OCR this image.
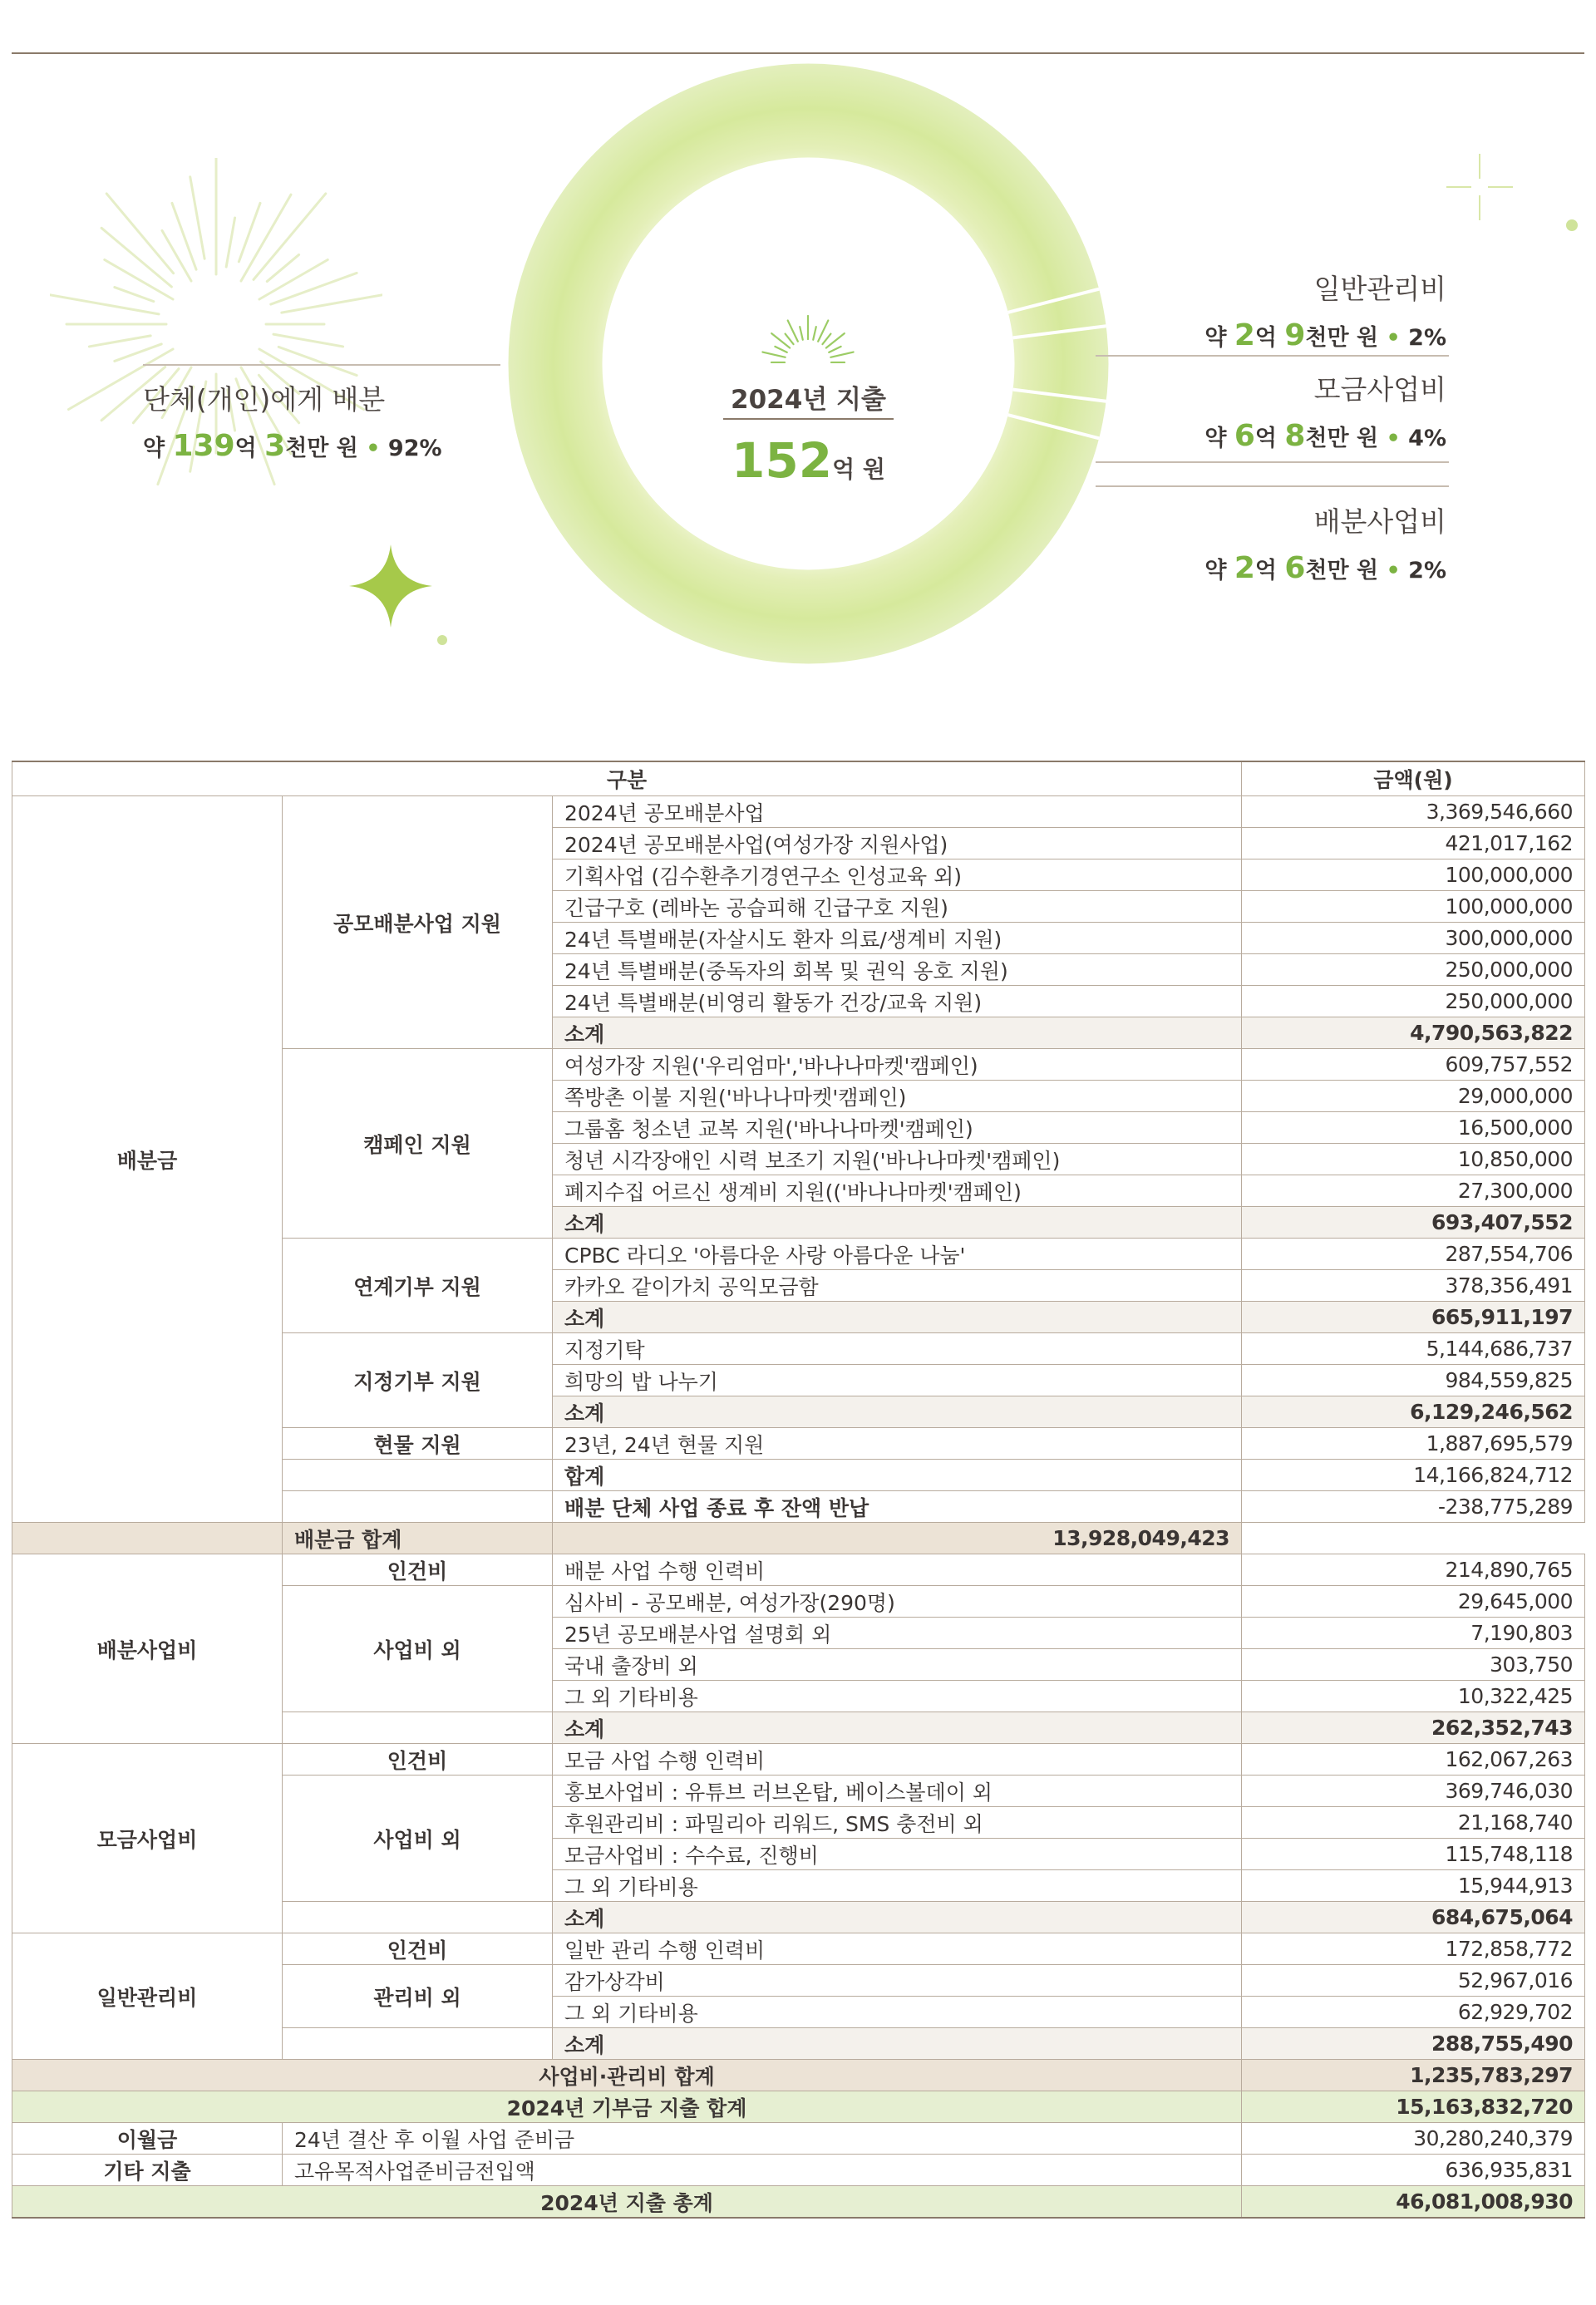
2024년 지출
152억 원
단체(개인)에게 배분
약 139억 3천만 원 • 92%
일반관리비
약 2억 9천만 원 • 2%
모금사업비
약 6억 8천만 원 • 4%
배분사업비
약 2억 6천만 원 • 2%
구분			금액(원)
배분금	공모배분사업 지원	2024년 공모배분사업	3,369,546,660
		2024년 공모배분사업(여성가장 지원사업)	421,017,162
		기획사업 (김수환추기경연구소 인성교육 외)	100,000,000
		긴급구호 (레바논 공습피해 긴급구호 지원)	100,000,000
		24년 특별배분(자살시도 환자 의료/생계비 지원)	300,000,000
		24년 특별배분(중독자의 회복 및 권익 옹호 지원)	250,000,000
		24년 특별배분(비영리 활동가 건강/교육 지원)	250,000,000
		소계	4,790,563,822
	캠페인 지원	여성가장 지원('우리엄마','바나나마켓'캠페인)	609,757,552
		쪽방촌 이불 지원('바나나마켓'캠페인)	29,000,000
		그룹홈 청소년 교복 지원('바나나마켓'캠페인)	16,500,000
		청년 시각장애인 시력 보조기 지원('바나나마켓'캠페인)	10,850,000
		폐지수집 어르신 생계비 지원(('바나나마켓'캠페인)	27,300,000
		소계	693,407,552
	연계기부 지원	CPBC 라디오 '아름다운 사랑 아름다운 나눔'	287,554,706
		카카오 같이가치 공익모금함	378,356,491
		소계	665,911,197
	지정기부 지원	지정기탁	5,144,686,737
		희망의 밥 나누기	984,559,825
		소계	6,129,246,562
	현물 지원	23년, 24년 현물 지원	1,887,695,579
		합계	14,166,824,712
		배분 단체 사업 종료 후 잔액 반납	-238,775,289
	배분금 합계	13,928,049,423	
배분사업비	인건비	배분 사업 수행 인력비	214,890,765
	사업비 외	심사비 - 공모배분, 여성가장(290명)	29,645,000
		25년 공모배분사업 설명회 외	7,190,803
		국내 출장비 외	303,750
		그 외 기타비용	10,322,425
		소계	262,352,743
모금사업비	인건비	모금 사업 수행 인력비	162,067,263
	사업비 외	홍보사업비 : 유튜브 러브온탑, 베이스볼데이 외	369,746,030
		후원관리비 : 파밀리아 리워드, SMS 충전비 외	21,168,740
		모금사업비 : 수수료, 진행비	115,748,118
		그 외 기타비용	15,944,913
		소계	684,675,064
일반관리비	인건비	일반 관리 수행 인력비	172,858,772
	관리비 외	감가상각비	52,967,016
		그 외 기타비용	62,929,702
		소계	288,755,490
사업비·관리비 합계			1,235,783,297
2024년 기부금 지출 합계			15,163,832,720
이월금	24년 결산 후 이월 사업 준비금		30,280,240,379
기타 지출	고유목적사업준비금전입액		636,935,831
2024년 지출 총계			46,081,008,930
